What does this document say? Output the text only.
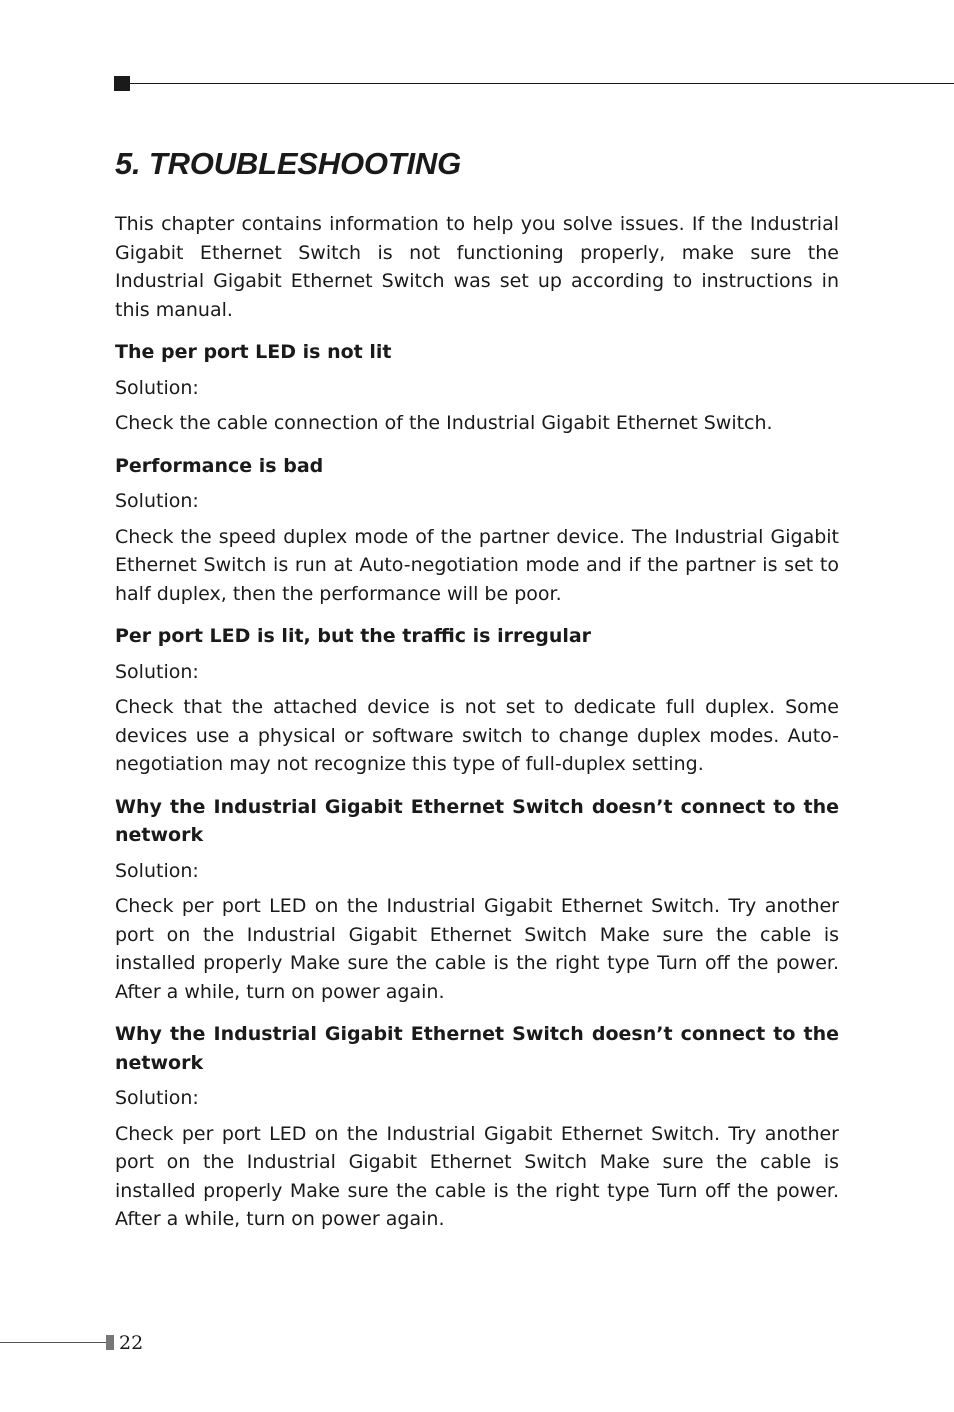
5. TROUBLESHOOTING

This chapter contains information to help you solve issues. If the Industrial Gigabit Ethernet Switch is not functioning properly, make sure the Industrial Gigabit Ethernet Switch was set up according to instructions in this manual.

The per port LED is not lit

Solution:

Check the cable connection of the Industrial Gigabit Ethernet Switch.

Performance is bad

Solution:

Check the speed duplex mode of the partner device. The Industrial Gigabit Ethernet Switch is run at Auto-negotiation mode and if the partner is set to half duplex, then the performance will be poor.

Per port LED is lit, but the traffic is irregular

Solution:

Check that the attached device is not set to dedicate full duplex. Some devices use a physical or software switch to change duplex modes. Auto-negotiation may not recognize this type of full-duplex setting.

Why the Industrial Gigabit Ethernet Switch doesn’t connect to the network

Solution:

Check per port LED on the Industrial Gigabit Ethernet Switch. Try another port on the Industrial Gigabit Ethernet Switch Make sure the cable is installed properly Make sure the cable is the right type Turn off the power. After a while, turn on power again.

Why the Industrial Gigabit Ethernet Switch doesn’t connect to the network

Solution:

Check per port LED on the Industrial Gigabit Ethernet Switch. Try another port on the Industrial Gigabit Ethernet Switch Make sure the cable is installed properly Make sure the cable is the right type Turn off the power. After a while, turn on power again.

22
